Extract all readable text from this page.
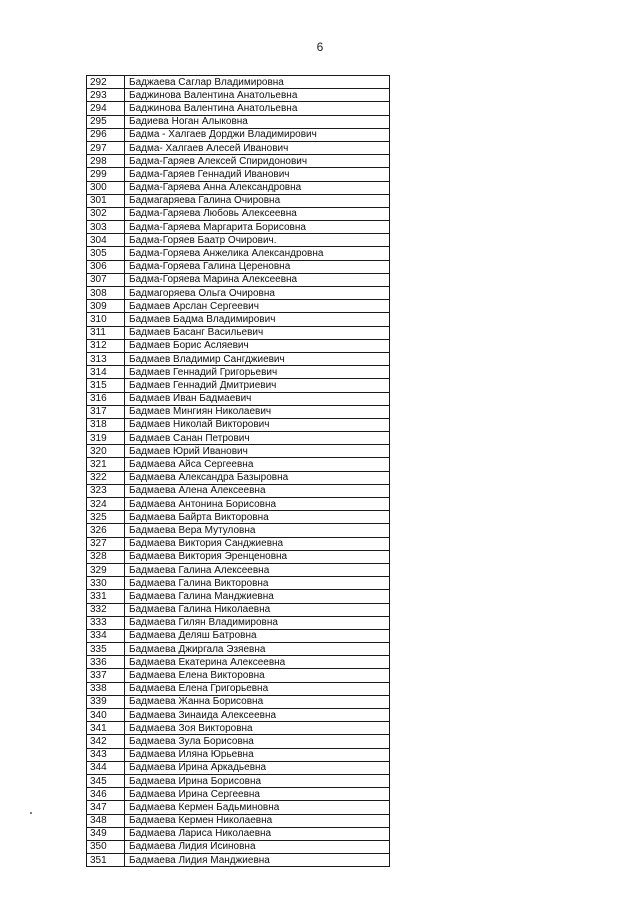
6
292	Баджаева Саглар Владимировна
293	Баджинова Валентина Анатольевна
294	Баджинова Валентина Анатольевна
295	Бадиева Ноган Алыковна
296	Бадма - Халгаев Дорджи Владимирович
297	Бадма- Халгаев Алесей Иванович
298	Бадма-Гаряев Алексей Спиридонович
299	Бадма-Гаряев Геннадий Иванович
300	Бадма-Гаряева Анна Александровна
301	Бадмагаряева Галина Очировна
302	Бадма-Гаряева Любовь Алексеевна
303	Бадма-Гаряева Маргарита Борисовна
304	Бадма-Горяев Баатр Очирович.
305	Бадма-Горяева Анжелика Александровна
306	Бадма-Горяева Галина Цереновна
307	Бадма-Горяева Марина Алексеевна
308	Бадмагоряева Ольга Очировна
309	Бадмаев Арслан Сергеевич
310	Бадмаев Бадма Владимирович
311	Бадмаев Басанг Васильевич
312	Бадмаев Борис Асляевич
313	Бадмаев Владимир Сангджиевич
314	Бадмаев Геннадий Григорьевич
315	Бадмаев Геннадий Дмитриевич
316	Бадмаев Иван Бадмаевич
317	Бадмаев Мингиян Николаевич
318	Бадмаев Николай Викторович
319	Бадмаев Санан Петрович
320	Бадмаев Юрий Иванович
321	Бадмаева Айса Сергеевна
322	Бадмаева Александра Базыровна
323	Бадмаева Алена Алексеевна
324	Бадмаева Антонина Борисовна
325	Бадмаева Байрта Викторовна
326	Бадмаева Вера Мутуловна
327	Бадмаева Виктория Санджиевна
328	Бадмаева Виктория Эренценовна
329	Бадмаева Галина Алексеевна
330	Бадмаева Галина Викторовна
331	Бадмаева Галина Манджиевна
332	Бадмаева Галина Николаевна
333	Бадмаева Гилян Владимировна
334	Бадмаева Деляш Батровна
335	Бадмаева Джиргала Эзяевна
336	Бадмаева Екатерина Алексеевна
337	Бадмаева Елена Викторовна
338	Бадмаева Елена Григорьевна
339	Бадмаева Жанна Борисовна
340	Бадмаева Зинаида Алексеевна
341	Бадмаева Зоя Викторовна
342	Бадмаева Зула Борисовна
343	Бадмаева Иляна Юрьевна
344	Бадмаева Ирина Аркадьевна
345	Бадмаева Ирина Борисовна
346	Бадмаева Ирина Сергеевна
347	Бадмаева Кермен Бадьминовна
348	Бадмаева Кермен Николаевна
349	Бадмаева Лариса Николаевна
350	Бадмаева Лидия Исиновна
351	Бадмаева Лидия Манджиевна
